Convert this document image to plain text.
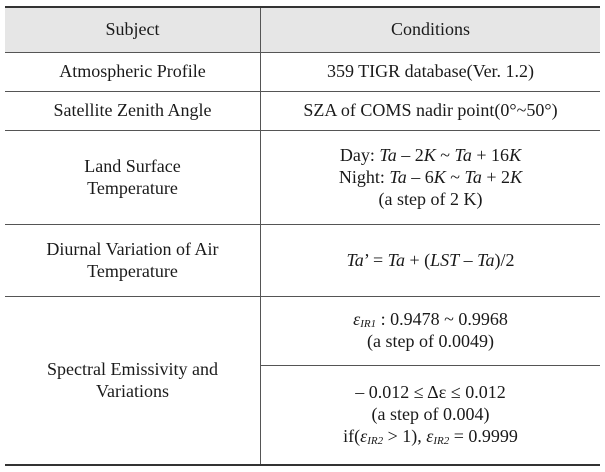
Subject	Conditions
Atmospheric Profile	359 TIGR database(Ver. 1.2)
Satellite Zenith Angle	SZA of COMS nadir point(0°~50°)

Land Surface
Temperature	Day: Ta – 2K ~ Ta + 16K
Night: Ta – 6K ~ Ta + 2K
(a step of 2 K)

Diurnal Variation of Air
Temperature	Ta’ = Ta + (LST – Ta)/2

Spectral Emissivity and
Variations	$\varepsilon_{IR1}$ : 0.9478 ~ 0.9968
(a step of 0.0049)

	– 0.012 ≤ Δε ≤ 0.012
(a step of 0.004)
$if(\varepsilon_{IR2} > 1)$, $\varepsilon_{IR2} = 0.9999$
